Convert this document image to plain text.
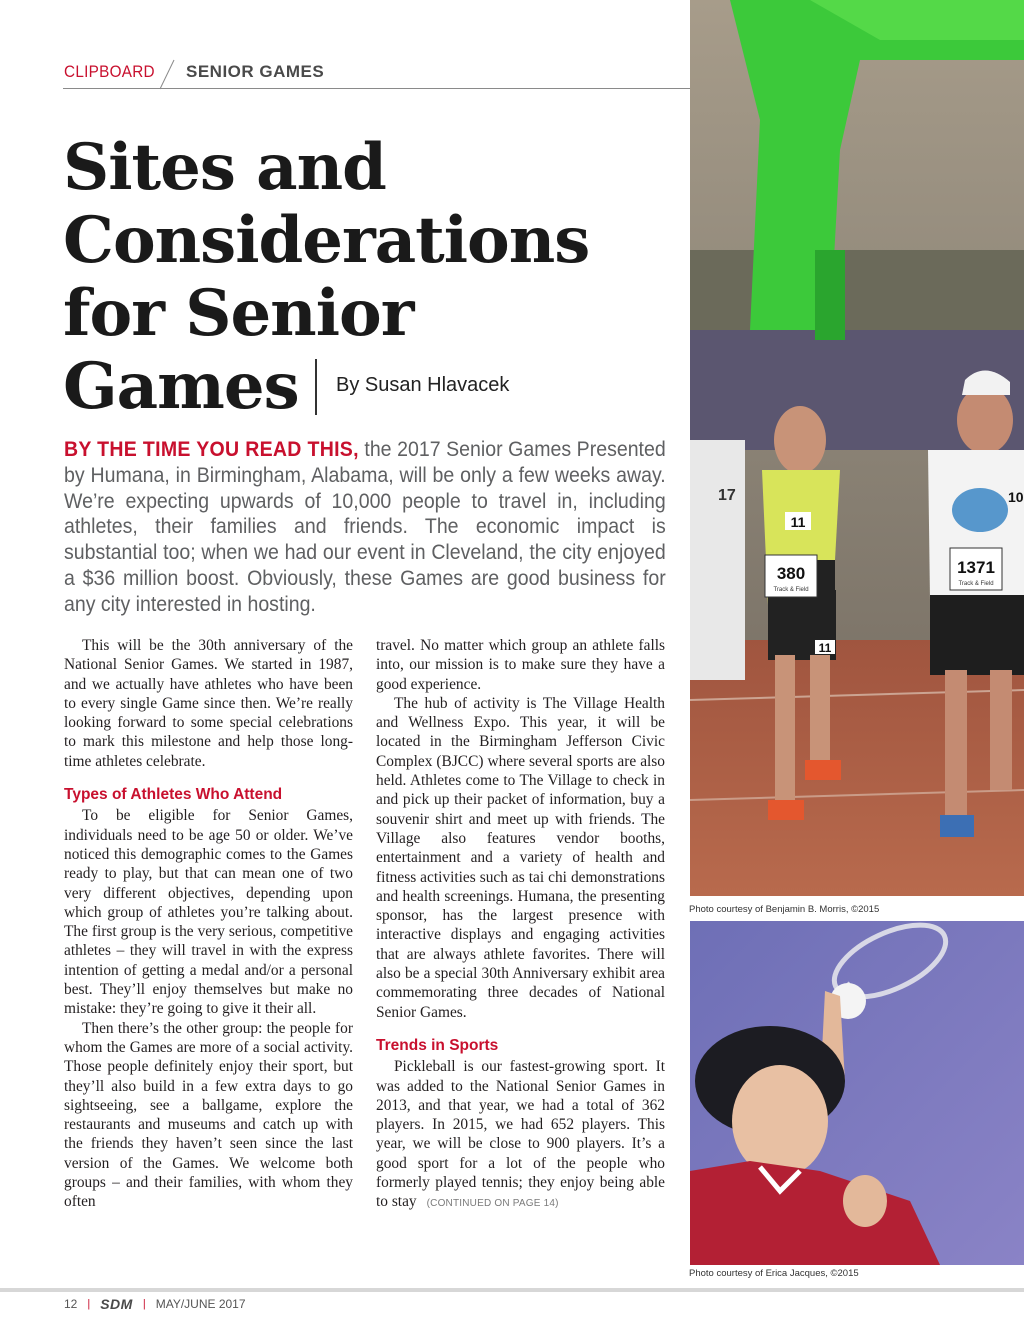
CLIPBOARD SENIOR GAMES
Sites and
Considerations
for Senior
Games	By Susan Hlavacek
BY THE TIME YOU READ THIS, the 2017 Senior Games Presented by Humana, in Birmingham, Alabama, will be only a few weeks away. We’re expecting upwards of 10,000 people to travel in, including athletes, their families and friends. The economic impact is substantial too; when we had our event in Cleveland, the city enjoyed a $36 million boost. Obviously, these Games are good business for any city interested in hosting.

This will be the 30th anniversary of the National Senior Games. We started in 1987, and we actually have athletes who have been to every single Game since then. We’re really looking forward to some special celebrations to mark this milestone and help those long-time athletes celebrate.

Types of Athletes Who Attend

To be eligible for Senior Games, individuals need to be age 50 or older. We’ve noticed this demographic comes to the Games ready to play, but that can mean one of two very different objectives, depending upon which group of athletes you’re talking about. The first group is the very serious, competitive athletes – they will travel in with the express intention of getting a medal and/or a personal best. They’ll enjoy themselves but make no mistake: they’re going to give it their all.

Then there’s the other group: the people for whom the Games are more of a social activity. Those people definitely enjoy their sport, but they’ll also build in a few extra days to go sightseeing, see a ballgame, explore the restaurants and museums and catch up with the friends they haven’t seen since the last version of the Games. We welcome both groups – and their families, with whom they often

travel. No matter which group an athlete falls into, our mission is to make sure they have a good experience.

The hub of activity is The Village Health and Wellness Expo. This year, it will be located in the Birmingham Jefferson Civic Complex (BJCC) where several sports are also held. Athletes come to The Village to check in and pick up their packet of information, buy a souvenir shirt and meet up with friends. The Village also features vendor booths, entertainment and a variety of health and fitness activities such as tai chi demonstrations and health screenings. Humana, the presenting sponsor, has the largest presence with interactive displays and engaging activities that are always athlete favorites. There will also be a special 30th Anniversary exhibit area commemorating three decades of National Senior Games.

Trends in Sports

Pickleball is our fastest-growing sport. It was added to the National Senior Games in 2013, and that year, we had a total of 362 players. In 2015, we had 652 players. This year, we will be close to 900 players. It’s a good sport for a lot of the people who formerly played tennis; they enjoy being able to stay (CONTINUED ON PAGE 14)

17
380
Track & Field
11
11
1371
Track & Field
10
Photo courtesy of Benjamin B. Morris, ©2015
Photo courtesy of Erica Jacques, ©2015
12 | SDM | MAY/JUNE 2017
